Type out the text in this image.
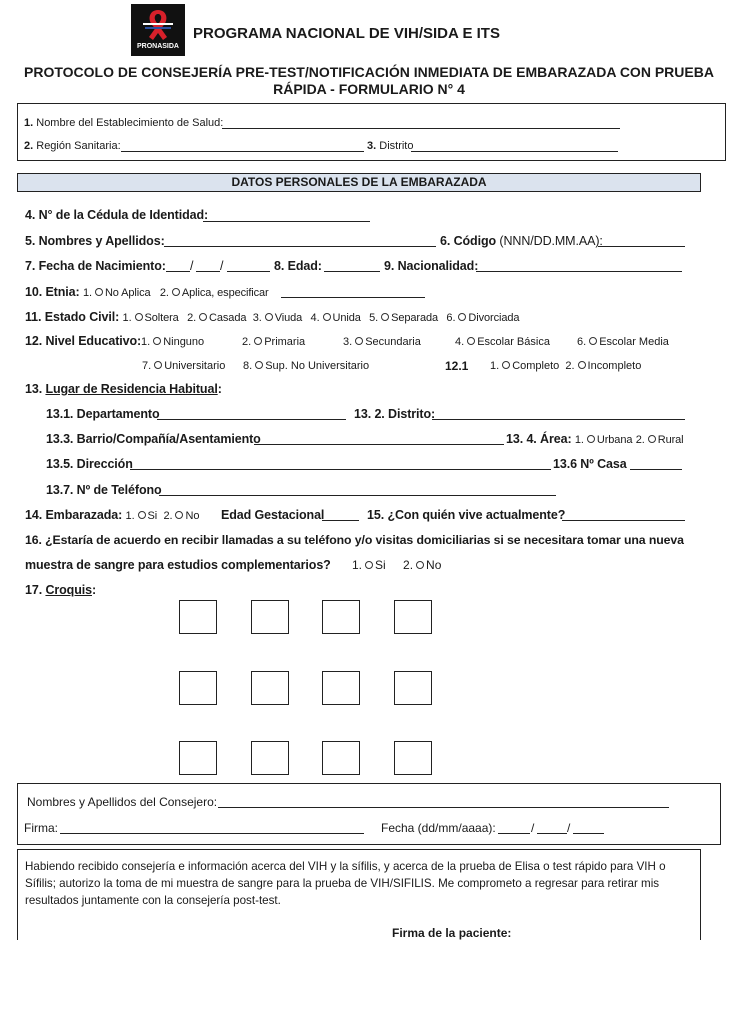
PRONASIDA
PROGRAMA NACIONAL DE VIH/SIDA E ITS
PROTOCOLO DE CONSEJERÍA PRE-TEST/NOTIFICACIÓN INMEDIATA DE EMBARAZADA CON PRUEBA
RÁPIDA - FORMULARIO N° 4
1. Nombre del Establecimiento de Salud:
2. Región Sanitaria:	3. Distrito
DATOS PERSONALES DE LA EMBARAZADA
4. N° de la Cédula de Identidad:
5. Nombres y Apellidos:	6. Código (NNN/DD.MM.AA):
7. Fecha de Nacimiento: / /	8. Edad:	9. Nacionalidad:
10. Etnia: 1. No Aplica 2. Aplica, especificar
11. Estado Civil: 1. Soltera 2. Casada 3. Viuda 4. Unida 5. Separada 6. Divorciada
12. Nivel Educativo: 1. Ninguno	2. Primaria	3. Secundaria	4. Escolar Básica 6. Escolar Media
7. Universitario 8. Sup. No Universitario	12.1 1. Completo 2. Incompleto
13. Lugar de Residencia Habitual:
13.1. Departamento	13. 2. Distrito:
13.3. Barrio/Compañía/Asentamiento	13. 4. Área: 1. Urbana 2. Rural
13.5. Dirección	13.6 Nº Casa
13.7. Nº de Teléfono
14. Embarazada: 1. Si 2. No Edad Gestacional	15. ¿Con quién vive actualmente?
16. ¿Estaría de acuerdo en recibir llamadas a su teléfono y/o visitas domiciliarias si se necesitara tomar una nueva
muestra de sangre para estudios complementarios? 1. Si 2. No
17. Croquis:
Nombres y Apellidos del Consejero:
Firma:	Fecha (dd/mm/aaaa):	/	/
Habiendo recibido consejería e información acerca del VIH y la sífilis, y acerca de la prueba de Elisa o test rápido para VIH o
Sífilis; autorizo la toma de mi muestra de sangre para la prueba de VIH/SIFILIS. Me comprometo a regresar para retirar mis
resultados juntamente con la consejería post-test.
Firma de la paciente:
